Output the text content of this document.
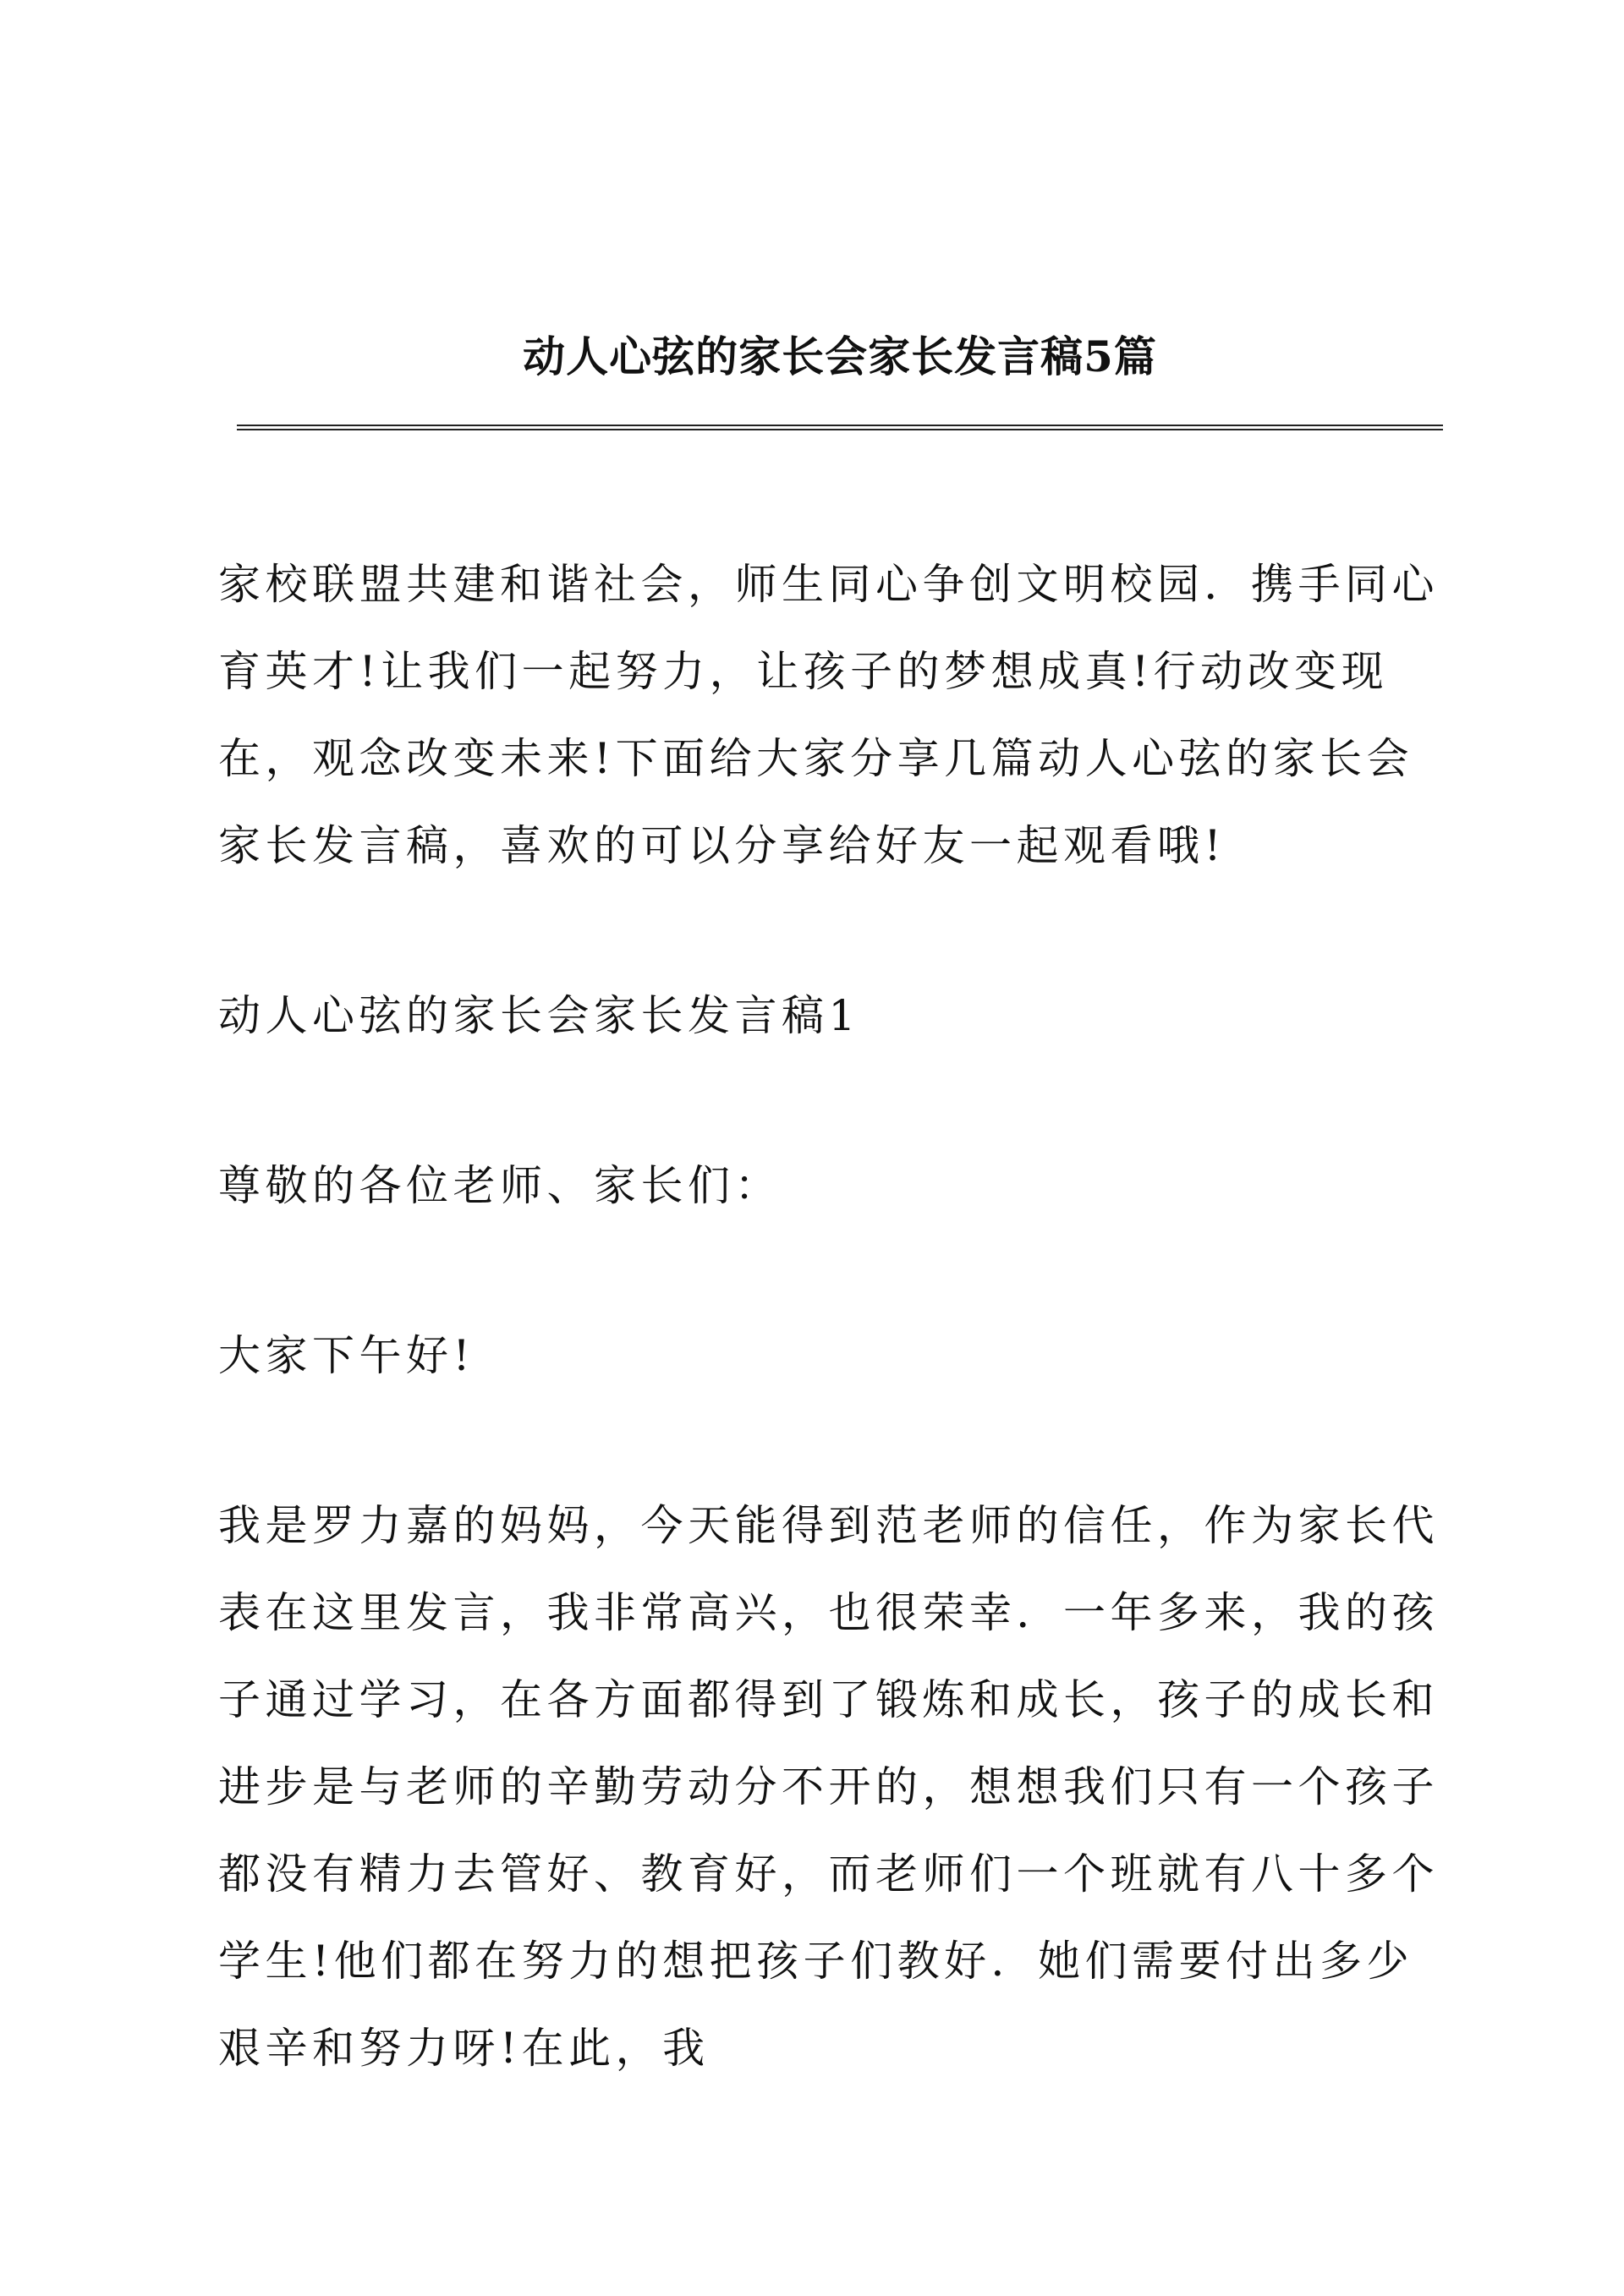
动人心弦的家长会家长发言稿5篇

家校联盟共建和谐社会，师生同心争创文明校园．携手同心育英才!让我们一起努力，让孩子的梦想成真!行动改变现在，观念改变未来!下面给大家分享几篇动人心弦的家长会家长发言稿，喜欢的可以分享给好友一起观看哦!

动人心弦的家长会家长发言稿1

尊敬的各位老师、家长们：

大家下午好!

我是罗力嘉的妈妈，今天能得到范老师的信任，作为家长代表在这里发言，我非常高兴，也很荣幸．一年多来，我的孩子通过学习，在各方面都得到了锻炼和成长，孩子的成长和进步是与老师的辛勤劳动分不开的，想想我们只有一个孩子都没有精力去管好、教育好，而老师们一个班就有八十多个学生!他们都在努力的想把孩子们教好．她们需要付出多少艰辛和努力呀!在此，我
